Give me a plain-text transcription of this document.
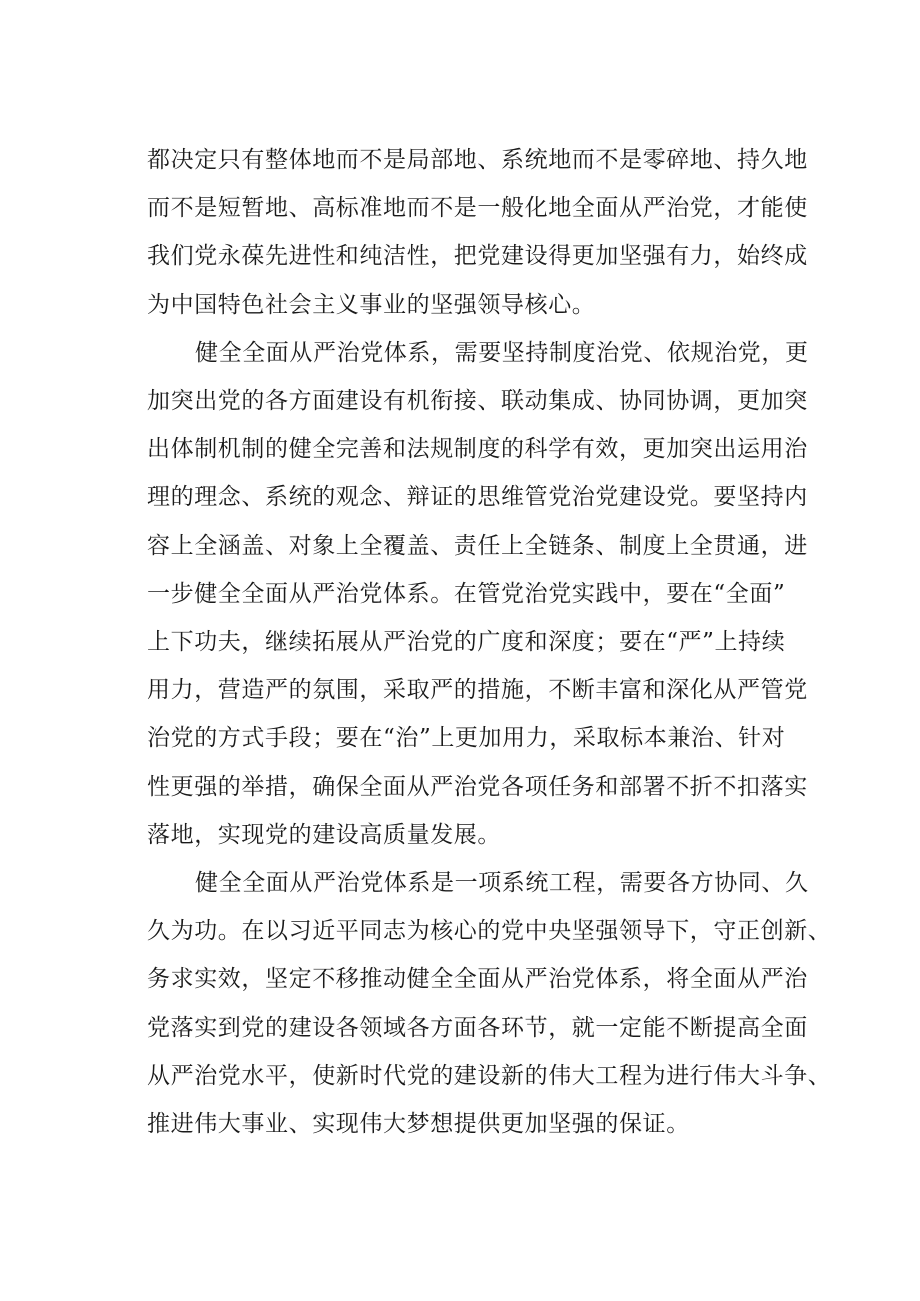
都决定只有整体地而不是局部地、系统地而不是零碎地、持久地
而不是短暂地、高标准地而不是一般化地全面从严治党，才能使
我们党永葆先进性和纯洁性，把党建设得更加坚强有力，始终成
为中国特色社会主义事业的坚强领导核心。

健全全面从严治党体系，需要坚持制度治党、依规治党，更
加突出党的各方面建设有机衔接、联动集成、协同协调，更加突
出体制机制的健全完善和法规制度的科学有效，更加突出运用治
理的理念、系统的观念、辩证的思维管党治党建设党。要坚持内
容上全涵盖、对象上全覆盖、责任上全链条、制度上全贯通，进
一步健全全面从严治党体系。在管党治党实践中，要在“全面”
上下功夫，继续拓展从严治党的广度和深度；要在“严”上持续
用力，营造严的氛围，采取严的措施，不断丰富和深化从严管党
治党的方式手段；要在“治”上更加用力，采取标本兼治、针对
性更强的举措，确保全面从严治党各项任务和部署不折不扣落实
落地，实现党的建设高质量发展。

健全全面从严治党体系是一项系统工程，需要各方协同、久
久为功。在以习近平同志为核心的党中央坚强领导下，守正创新、
务求实效，坚定不移推动健全全面从严治党体系，将全面从严治
党落实到党的建设各领域各方面各环节，就一定能不断提高全面
从严治党水平，使新时代党的建设新的伟大工程为进行伟大斗争、
推进伟大事业、实现伟大梦想提供更加坚强的保证。
